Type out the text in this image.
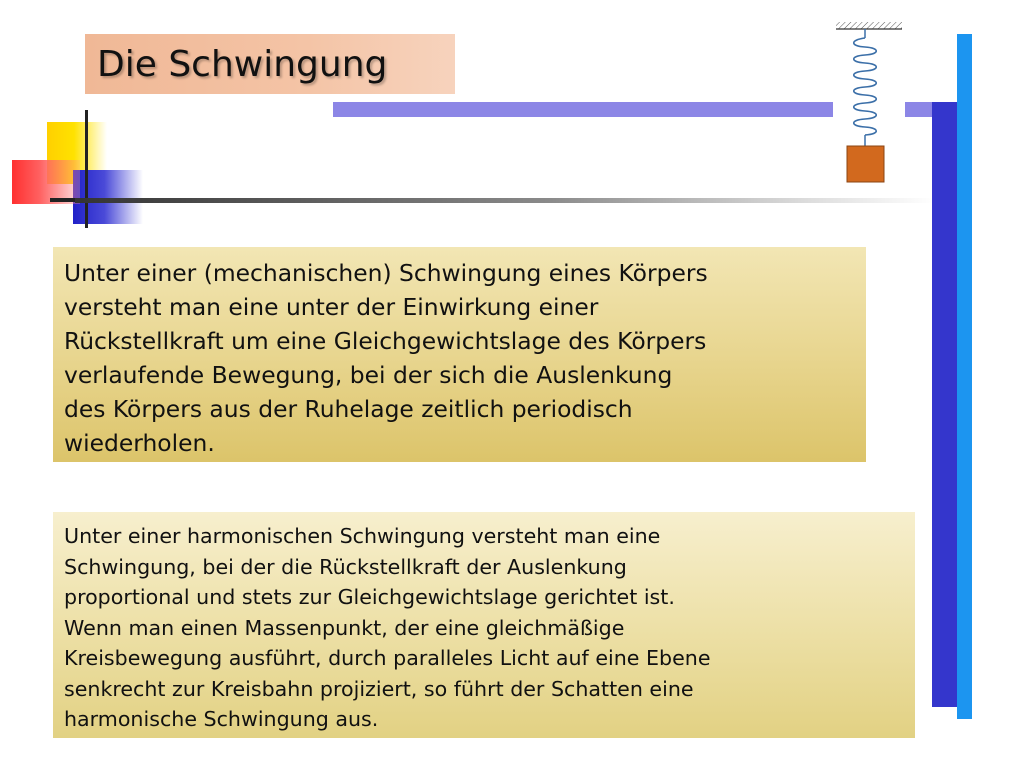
Die Schwingung
Unter einer (mechanischen) Schwingung eines Körpers
versteht man eine unter der Einwirkung einer
Rückstellkraft um eine Gleichgewichtslage des Körpers
verlaufende Bewegung, bei der sich die Auslenkung
des Körpers aus der Ruhelage zeitlich periodisch
wiederholen.
Unter einer harmonischen Schwingung versteht man eine
Schwingung, bei der die Rückstellkraft der Auslenkung
proportional und stets zur Gleichgewichtslage gerichtet ist.
Wenn man einen Massenpunkt, der eine gleichmäßige
Kreisbewegung ausführt, durch paralleles Licht auf eine Ebene
senkrecht zur Kreisbahn projiziert, so führt der Schatten eine
harmonische Schwingung aus.
